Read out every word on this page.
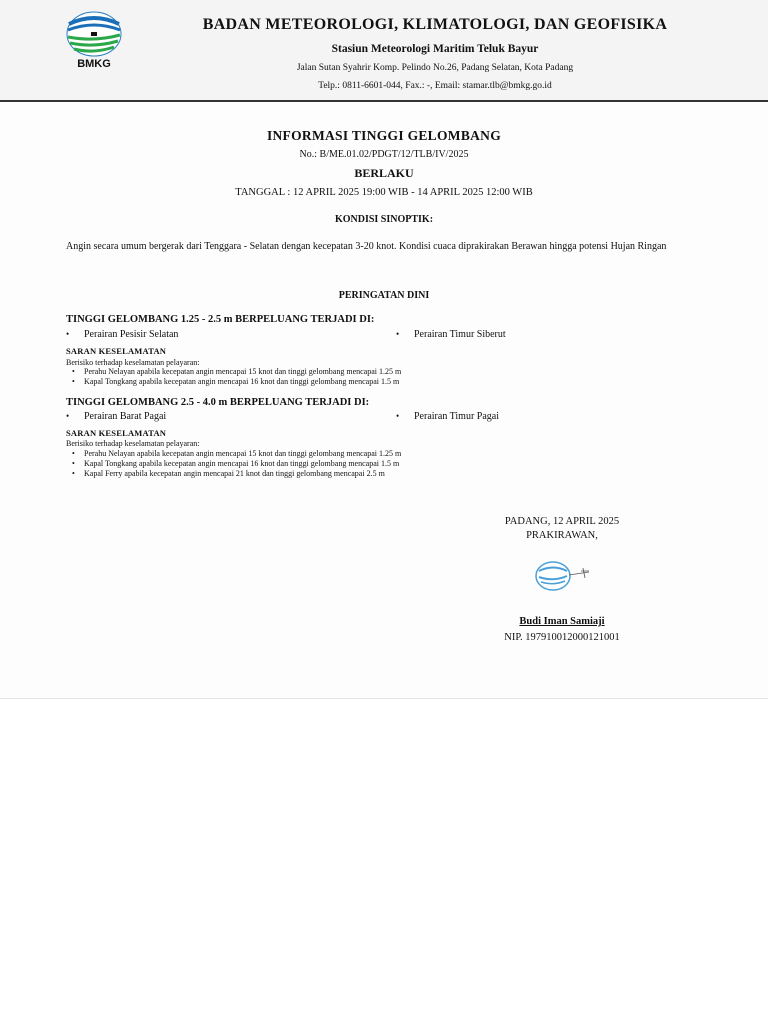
BMKG
BADAN METEOROLOGI, KLIMATOLOGI, DAN GEOFISIKA
Stasiun Meteorologi Maritim Teluk Bayur
Jalan Sutan Syahrir Komp. Pelindo No.26, Padang Selatan, Kota Padang
Telp.: 0811-6601-044, Fax.: -, Email: stamar.tlb@bmkg.go.id
INFORMASI TINGGI GELOMBANG
No.: B/ME.01.02/PDGT/12/TLB/IV/2025
BERLAKU
TANGGAL : 12 APRIL 2025 19:00 WIB - 14 APRIL 2025 12:00 WIB
KONDISI SINOPTIK:
Angin secara umum bergerak dari Tenggara - Selatan dengan kecepatan 3-20 knot. Kondisi cuaca diprakirakan Berawan hingga potensi Hujan Ringan
PERINGATAN DINI
TINGGI GELOMBANG 1.25 - 2.5 m BERPELUANG TERJADI DI:
• Perairan Pesisir Selatan	• Perairan Timur Siberut
SARAN KESELAMATAN
Berisiko terhadap keselamatan pelayaran:
• Perahu Nelayan apabila kecepatan angin mencapai 15 knot dan tinggi gelombang mencapai 1.25 m
• Kapal Tongkang apabila kecepatan angin mencapai 16 knot dan tinggi gelombang mencapai 1.5 m
TINGGI GELOMBANG 2.5 - 4.0 m BERPELUANG TERJADI DI:
• Perairan Barat Pagai	• Perairan Timur Pagai
SARAN KESELAMATAN
Berisiko terhadap keselamatan pelayaran:
• Perahu Nelayan apabila kecepatan angin mencapai 15 knot dan tinggi gelombang mencapai 1.25 m
• Kapal Tongkang apabila kecepatan angin mencapai 16 knot dan tinggi gelombang mencapai 1.5 m
• Kapal Ferry apabila kecepatan angin mencapai 21 knot dan tinggi gelombang mencapai 2.5 m
PADANG, 12 APRIL 2025
PRAKIRAWAN,
Budi Iman Samiaji
NIP. 197910012000121001
